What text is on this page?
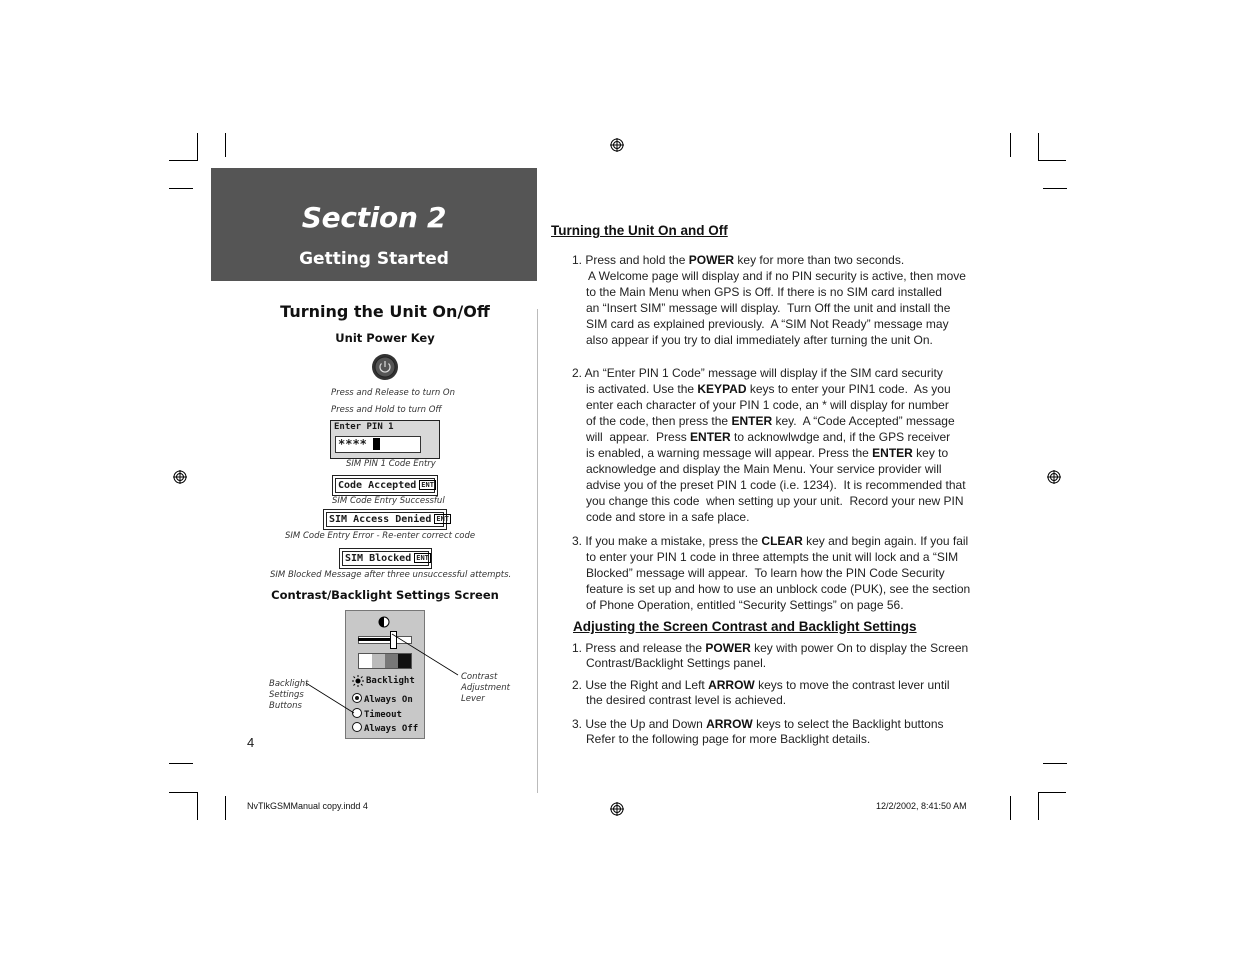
Section 2
Getting Started
Turning the Unit On/Off
Unit Power Key
Press and Release to turn On
Press and Hold to turn Off
Enter PIN 1
****
SIM PIN 1 Code Entry
Code Accepted ENT
SIM Code Entry Successful
SIM Access Denied ENT
SIM Code Entry Error - Re-enter correct code
SIM Blocked ENT
SIM Blocked Message after three unsuccessful attempts.
Contrast/Backlight Settings Screen
Backlight
Always On
Timeout
Always Off
Backlight
Settings
Buttons
Contrast
Adjustment
Lever
4
Turning the Unit On and Off
1. Press and hold the POWER key for more than two seconds.
A Welcome page will display and if no PIN security is active, then move
to the Main Menu when GPS is Off. If there is no SIM card installed
an “Insert SIM” message will display.  Turn Off the unit and install the
SIM card as explained previously.  A “SIM Not Ready” message may
also appear if you try to dial immediately after turning the unit On.
2. An “Enter PIN 1 Code” message will display if the SIM card security
is activated. Use the KEYPAD keys to enter your PIN1 code.  As you
enter each character of your PIN 1 code, an * will display for number
of the code, then press the ENTER key.  A “Code Accepted” message
will  appear.  Press ENTER to acknowlwdge and, if the GPS receiver
is enabled, a warning message will appear. Press the ENTER key to
acknowledge and display the Main Menu. Your service provider will
advise you of the preset PIN 1 code (i.e. 1234).  It is recommended that
you change this code  when setting up your unit.  Record your new PIN
code and store in a safe place.
3. If you make a mistake, press the CLEAR key and begin again. If you fail
to enter your PIN 1 code in three attempts the unit will lock and a “SIM
Blocked” message will appear.  To learn how the PIN Code Security
feature is set up and how to use an unblock code (PUK), see the section
of Phone Operation, entitled “Security Settings” on page 56.
Adjusting the Screen Contrast and Backlight Settings
1. Press and release the POWER key with power On to display the Screen
Contrast/Backlight Settings panel.
2. Use the Right and Left ARROW keys to move the contrast lever until
the desired contrast level is achieved.
3. Use the Up and Down ARROW keys to select the Backlight buttons
Refer to the following page for more Backlight details.
NvTlkGSMManual copy.indd 4	12/2/2002, 8:41:50 AM
